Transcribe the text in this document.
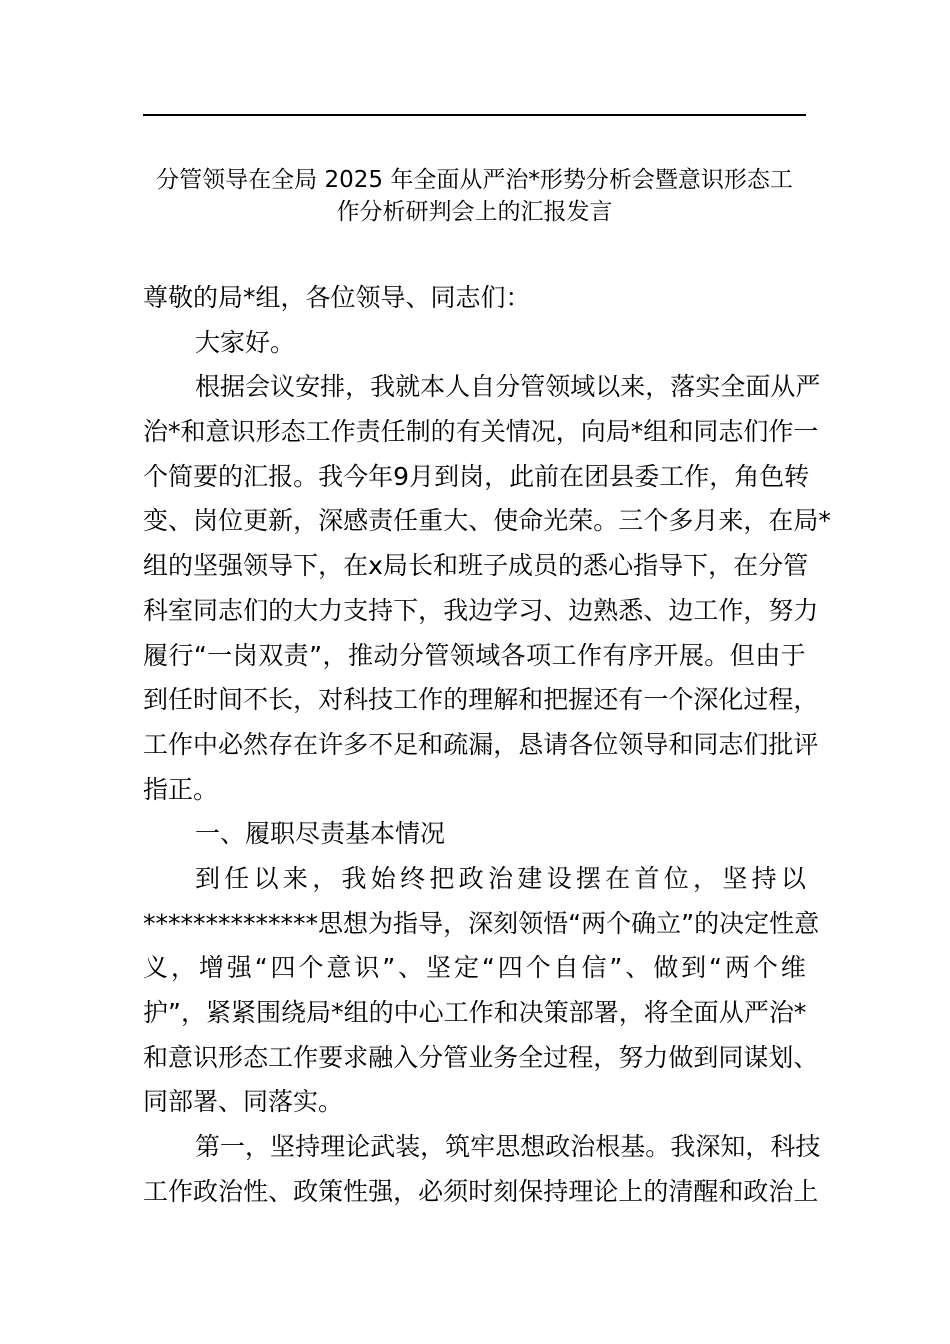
分管领导在全局 2025 年全面从严治*形势分析会暨意识形态工
作分析研判会上的汇报发言
尊敬的局*组，各位领导、同志们：
大家好。
根 据 会 议 安 排 ， 我 就 本 人 自 分 管 领 域 以 来 ， 落 实 全 面 从 严
治 * 和 意 识 形 态 工 作 责 任 制 的 有 关 情 况 ， 向 局 * 组 和 同 志 们 作 一
个 简 要 的 汇 报 。 我 今 年 9 月 到 岗 ， 此 前 在 团 县 委 工 作 ， 角 色 转
变 、 岗 位 更 新 ， 深 感 责 任 重 大 、 使 命 光 荣 。 三 个 多 月 来 ， 在 局 *
组 的 坚 强 领 导 下 ， 在 x 局 长 和 班 子 成 员 的 悉 心 指 导 下 ， 在 分 管
科 室 同 志 们 的 大 力 支 持 下 ， 我 边 学 习 、 边 熟 悉 、 边 工 作 ， 努 力
履 行 “ 一 岗 双 责 ” ， 推 动 分 管 领 域 各 项 工 作 有 序 开 展 。 但 由 于
到 任 时 间 不 长 ， 对 科 技 工 作 的 理 解 和 把 握 还 有 一 个 深 化 过 程 ，
工 作 中 必 然 存 在 许 多 不 足 和 疏 漏 ， 恳 请 各 位 领 导 和 同 志 们 批 评
指正。
一、履职尽责基本情况
到 任 以 来 ， 我 始 终 把 政 治 建 设 摆 在 首 位 ， 坚 持 以
************** 思 想 为 指 导 ， 深 刻 领 悟 “ 两 个 确 立 ” 的 决 定 性 意
义 ， 增 强 “ 四 个 意 识 ” 、 坚 定 “ 四 个 自 信 ” 、 做 到 “ 两 个 维
护 ” ， 紧 紧 围 绕 局 * 组 的 中 心 工 作 和 决 策 部 署 ， 将 全 面 从 严 治 *
和 意 识 形 态 工 作 要 求 融 入 分 管 业 务 全 过 程 ， 努 力 做 到 同 谋 划 、
同部署、同落实。
第 一 ， 坚 持 理 论 武 装 ， 筑 牢 思 想 政 治 根 基 。 我 深 知 ， 科 技
工 作 政 治 性 、 政 策 性 强 ， 必 须 时 刻 保 持 理 论 上 的 清 醒 和 政 治 上
